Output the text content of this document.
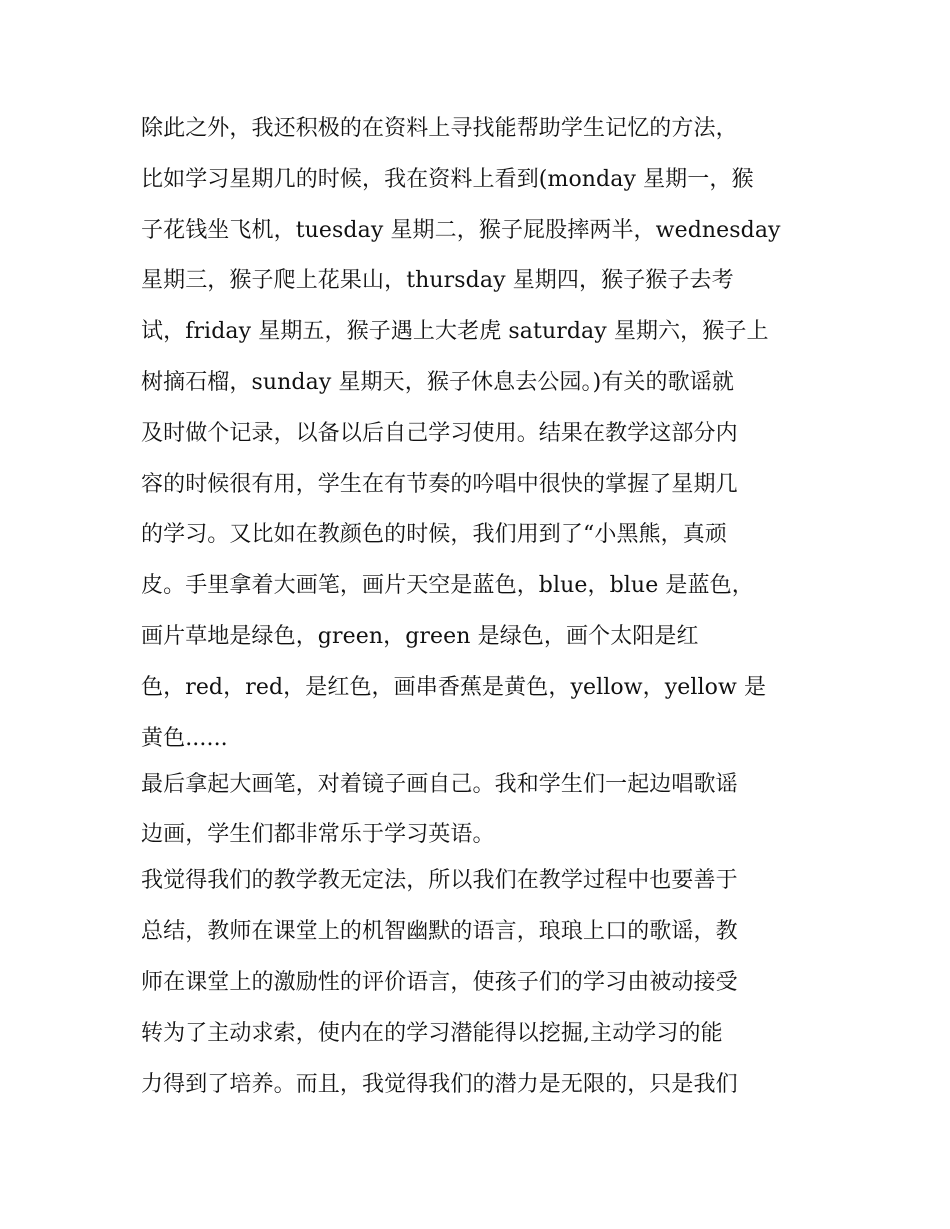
除此之外，我还积极的在资料上寻找能帮助学生记忆的方法，
比如学习星期几的时候，我在资料上看到(monday 星期一，猴
子花钱坐飞机，tuesday 星期二，猴子屁股摔两半，wednesday
星期三，猴子爬上花果山，thursday 星期四，猴子猴子去考
试，friday 星期五，猴子遇上大老虎 saturday 星期六，猴子上
树摘石榴，sunday 星期天，猴子休息去公园。)有关的歌谣就
及时做个记录，以备以后自己学习使用。结果在教学这部分内
容的时候很有用，学生在有节奏的吟唱中很快的掌握了星期几
的学习。又比如在教颜色的时候，我们用到了“小黑熊，真顽
皮。手里拿着大画笔，画片天空是蓝色，blue，blue 是蓝色，
画片草地是绿色，green，green 是绿色，画个太阳是红
色，red，red，是红色，画串香蕉是黄色，yellow，yellow 是
黄色......
最后拿起大画笔，对着镜子画自己。我和学生们一起边唱歌谣
边画，学生们都非常乐于学习英语。
我觉得我们的教学教无定法，所以我们在教学过程中也要善于
总结，教师在课堂上的机智幽默的语言，琅琅上口的歌谣，教
师在课堂上的激励性的评价语言，使孩子们的学习由被动接受
转为了主动求索，使内在的学习潜能得以挖掘,主动学习的能
力得到了培养。而且，我觉得我们的潜力是无限的，只是我们
